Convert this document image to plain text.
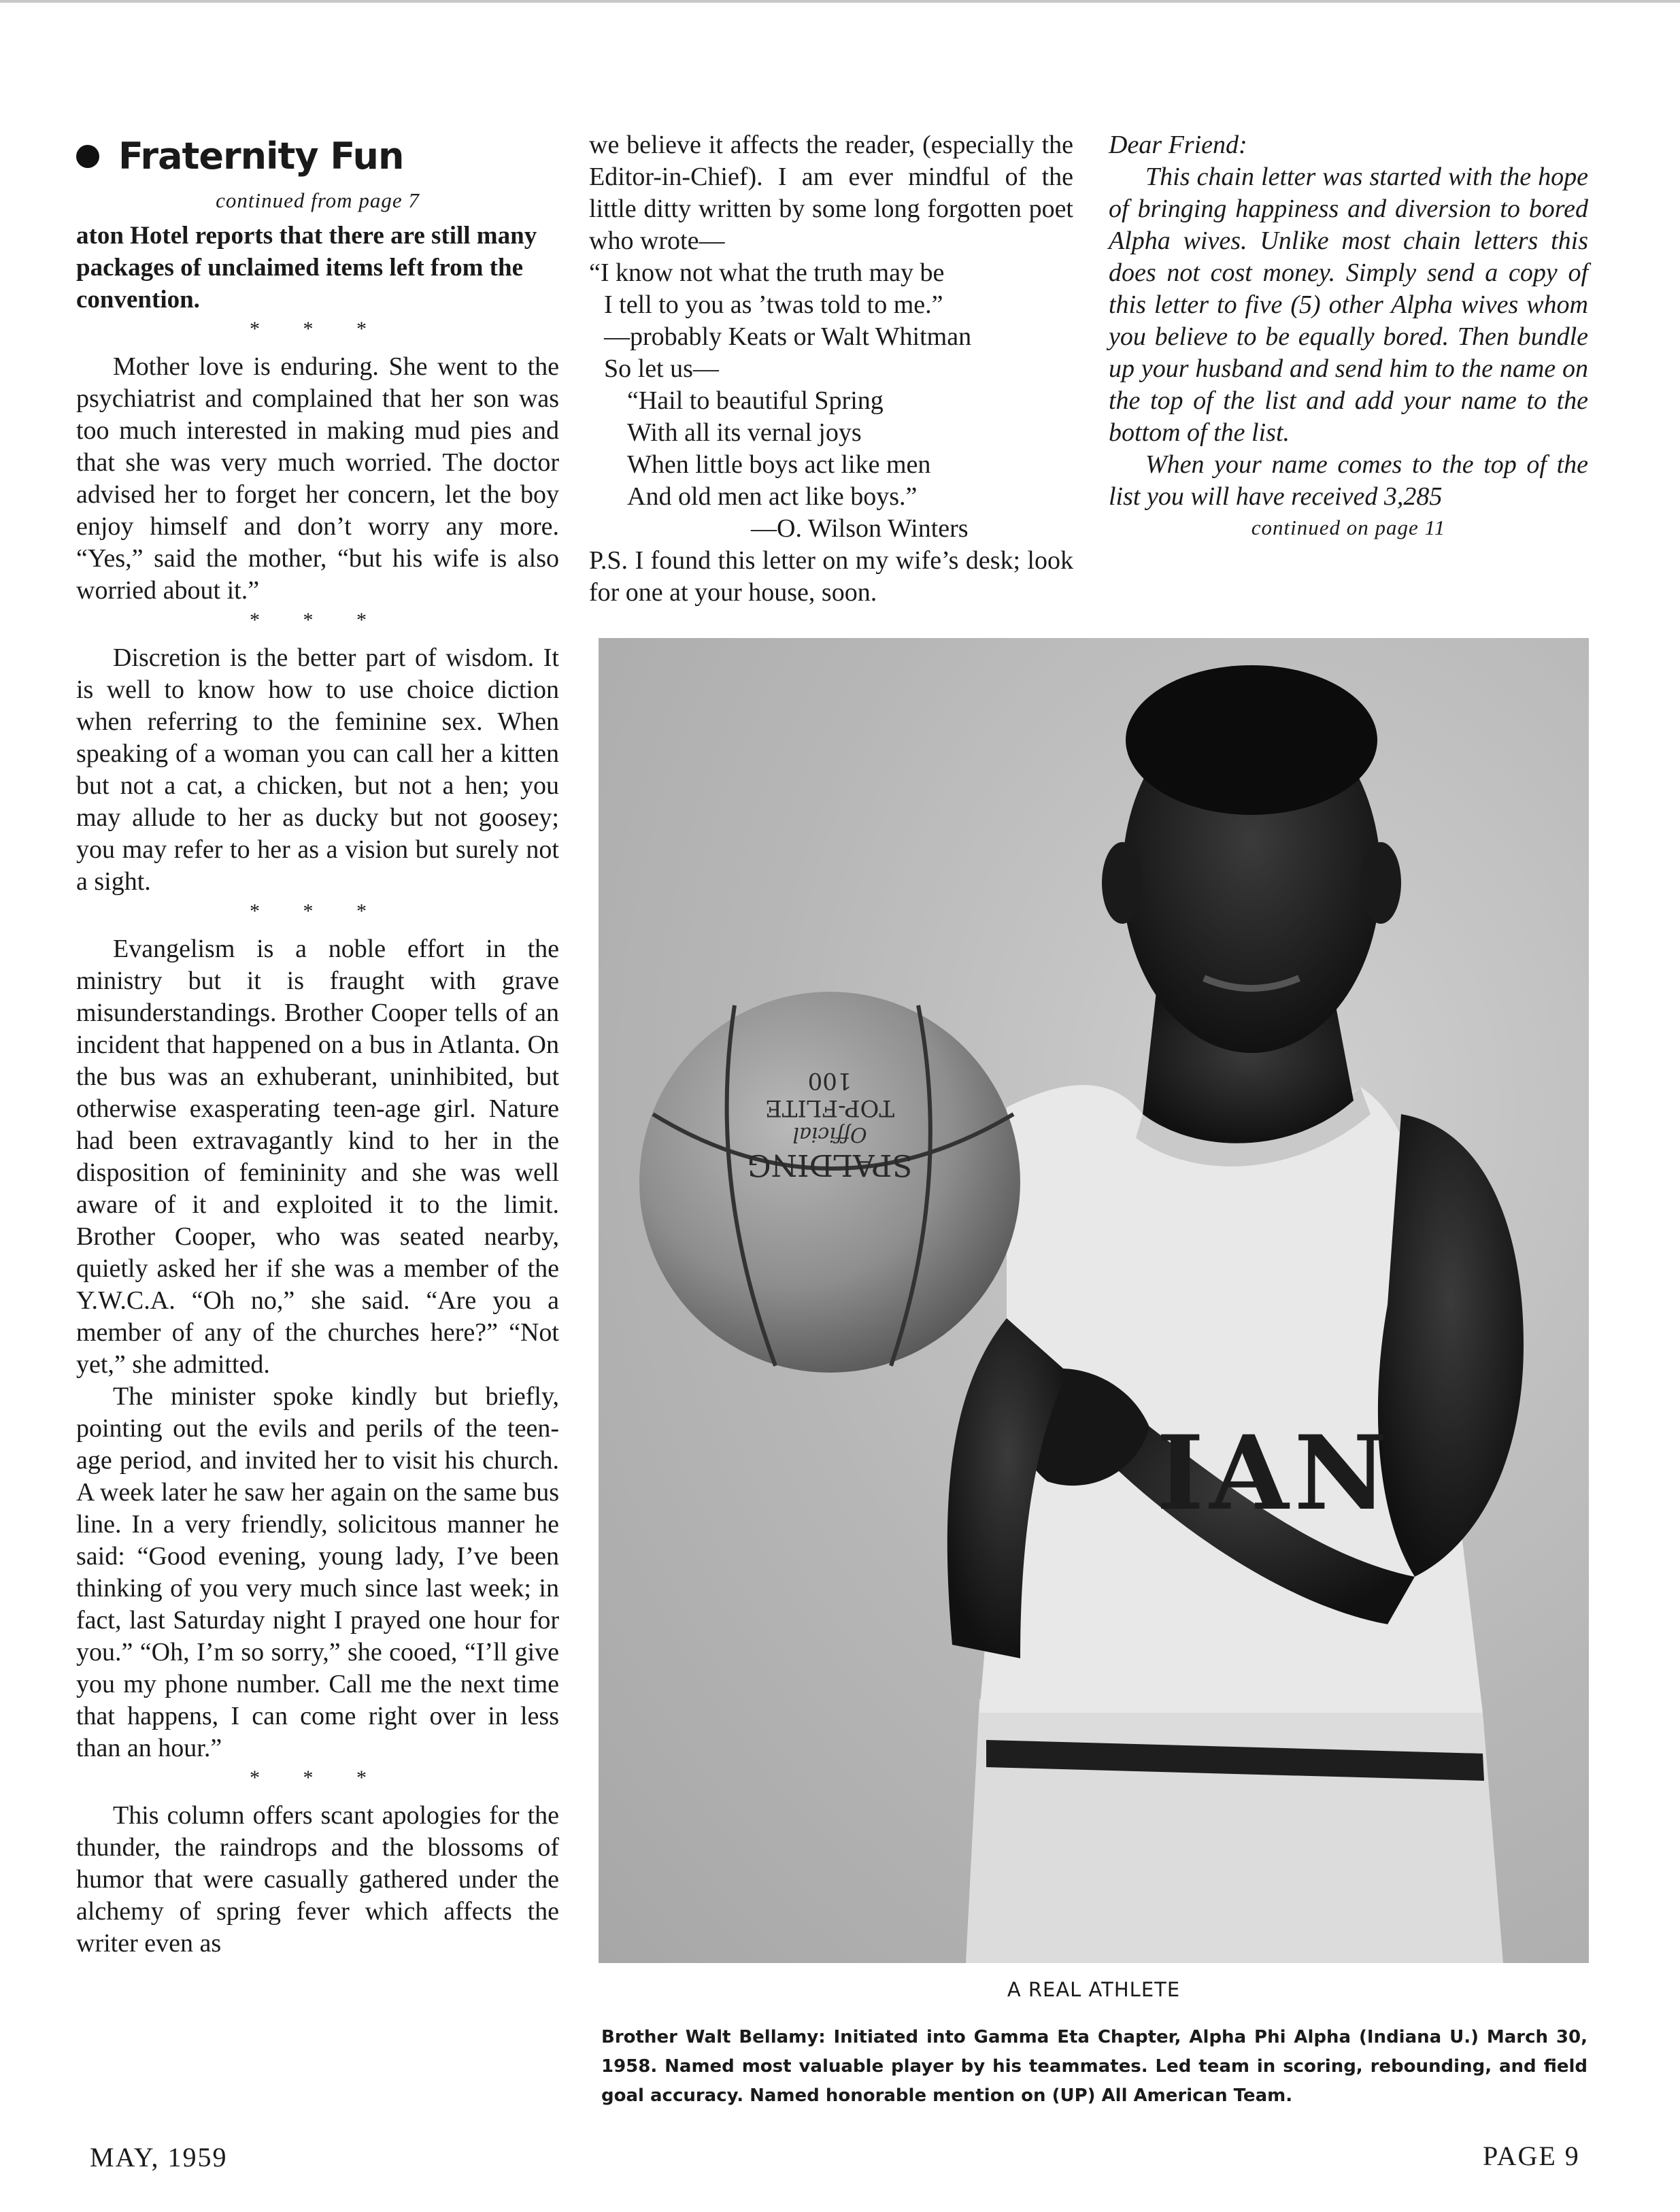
Fraternity Fun
continued from page 7
aton Hotel reports that there are still many packages of unclaimed items left from the convention.
* * *

Mother love is enduring. She went to the psychiatrist and complained that her son was too much interested in making mud pies and that she was very much worried. The doctor advised her to forget her concern, let the boy enjoy himself and don’t worry any more. “Yes,” said the mother, “but his wife is also worried about it.”

* * *

Discretion is the better part of wisdom. It is well to know how to use choice diction when referring to the feminine sex. When speaking of a woman you can call her a kitten but not a cat, a chicken, but not a hen; you may allude to her as ducky but not goosey; you may refer to her as a vision but surely not a sight.

* * *

Evangelism is a noble effort in the ministry but it is fraught with grave misunderstandings. Brother Cooper tells of an incident that happened on a bus in Atlanta. On the bus was an exhuberant, uninhibited, but otherwise exasperating teen-age girl. Nature had been extravagantly kind to her in the disposition of femininity and she was well aware of it and exploited it to the limit. Brother Cooper, who was seated nearby, quietly asked her if she was a member of the Y.W.C.A. “Oh no,” she said. “Are you a member of any of the churches here?” “Not yet,” she admitted.

The minister spoke kindly but briefly, pointing out the evils and perils of the teen-age period, and invited her to visit his church. A week later he saw her again on the same bus line. In a very friendly, solicitous manner he said: “Good evening, young lady, I’ve been thinking of you very much since last week; in fact, last Saturday night I prayed one hour for you.” “Oh, I’m so sorry,” she cooed, “I’ll give you my phone number. Call me the next time that happens, I can come right over in less than an hour.”

* * *

This column offers scant apologies for the thunder, the raindrops and the blossoms of humor that were casually gathered under the alchemy of spring fever which affects the writer even as

we believe it affects the reader, (especially the Editor-in-Chief). I am ever mindful of the little ditty written by some long forgotten poet who wrote—

“I know not what the truth may be
I tell to you as ’twas told to me.”
—probably Keats or Walt Whitman
So let us—
“Hail to beautiful Spring
With all its vernal joys
When little boys act like men
And old men act like boys.”
—O. Wilson Winters

P.S. I found this letter on my wife’s desk; look for one at your house, soon.

Dear Friend:

This chain letter was started with the hope of bringing happiness and diversion to bored Alpha wives. Unlike most chain letters this does not cost money. Simply send a copy of this letter to five (5) other Alpha wives whom you believe to be equally bored. Then bundle up your husband and send him to the name on the top of the list and add your name to the bottom of the list.

When your name comes to the top of the list you will have received 3,285

continued on page 11
SPALDING
Official
TOP-FLITE
100
IAN
A REAL ATHLETE
Brother Walt Bellamy: Initiated into Gamma Eta Chapter, Alpha Phi Alpha (Indiana U.) March 30, 1958. Named most valuable player by his teammates. Led team in scoring, rebounding, and field goal accuracy. Named honorable mention on (UP) All American Team.
MAY, 1959	PAGE 9
